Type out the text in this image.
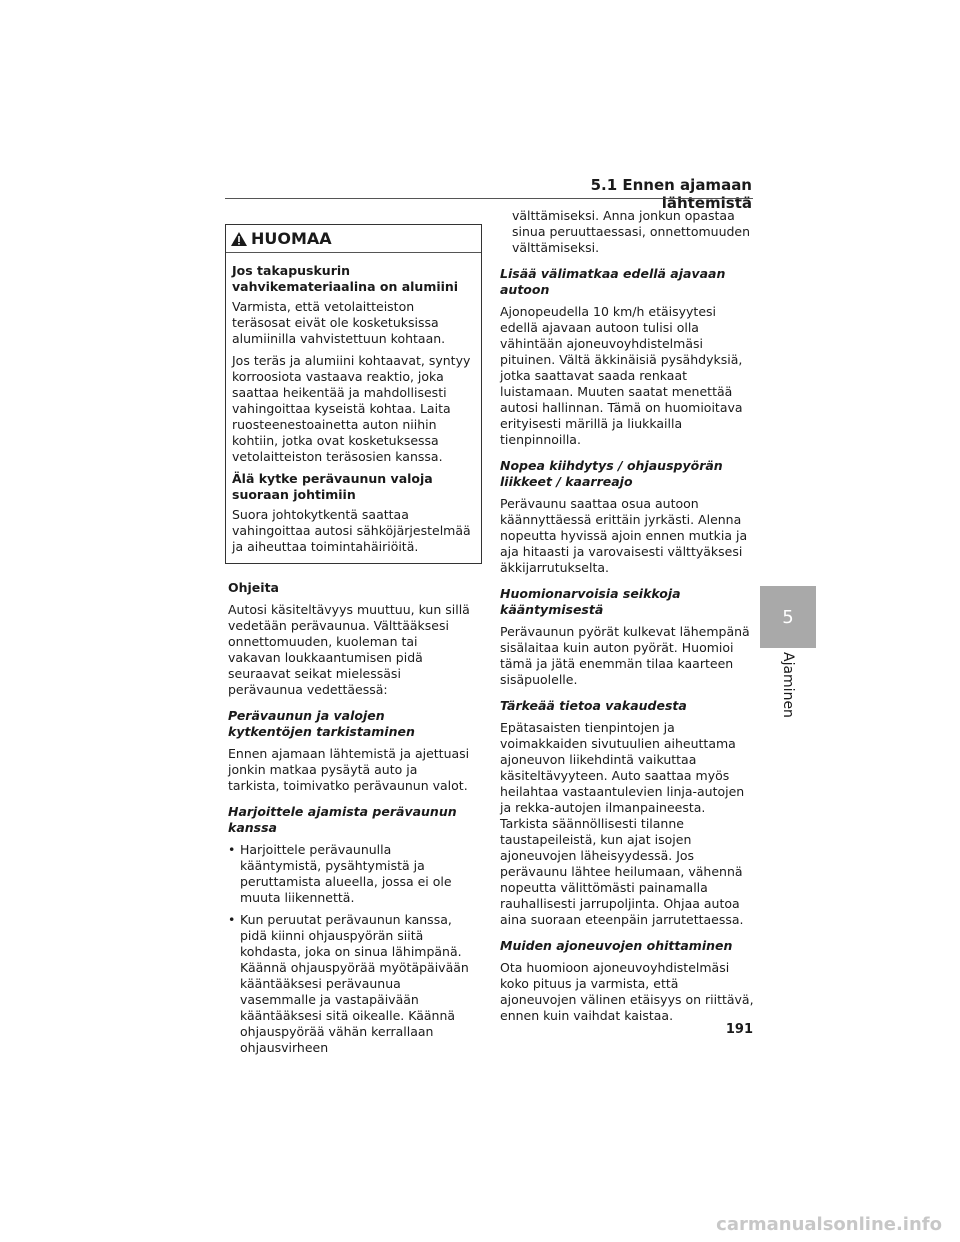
5.1 Ennen ajamaan lähtemistä
HUOMAA
Jos takapuskurin vahvikemateriaalina on alumiini

Varmista, että vetolaitteiston teräsosat eivät ole kosketuksissa alumiinilla vahvistettuun kohtaan.

Jos teräs ja alumiini kohtaavat, syntyy korroosiota vastaava reaktio, joka saattaa heikentää ja mahdollisesti vahingoittaa kyseistä kohtaa. Laita ruosteenestoainetta auton niihin kohtiin, jotka ovat kosketuksessa vetolaitteiston teräsosien kanssa.

Älä kytke perävaunun valoja suoraan johtimiin

Suora johtokytkentä saattaa vahingoittaa autosi sähköjärjestelmää ja aiheuttaa toimintahäiriöitä.

Ohjeita

Autosi käsiteltävyys muuttuu, kun sillä vedetään perävaunua. Välttääksesi onnettomuuden, kuoleman tai vakavan loukkaantumisen pidä seuraavat seikat mielessäsi perävaunua vedettäessä:

Perävaunun ja valojen kytkentöjen tarkistaminen

Ennen ajamaan lähtemistä ja ajettuasi jonkin matkaa pysäytä auto ja tarkista, toimivatko perävaunun valot.

Harjoittele ajamista perävaunun kanssa
• Harjoittele perävaunulla kääntymistä, pysähtymistä ja peruttamista alueella, jossa ei ole muuta liikennettä.
• Kun peruutat perävaunun kanssa, pidä kiinni ohjauspyörän siitä kohdasta, joka on sinua lähimpänä. Käännä ohjauspyörää myötäpäivään kääntääksesi perävaunua vasemmalle ja vastapäivään kääntääksesi sitä oikealle. Käännä ohjauspyörää vähän kerrallaan ohjausvirheen

välttämiseksi. Anna jonkun opastaa sinua peruuttaessasi, onnettomuuden välttämiseksi.

Lisää välimatkaa edellä ajavaan autoon

Ajonopeudella 10 km/h etäisyytesi edellä ajavaan autoon tulisi olla vähintään ajoneuvoyhdistelmäsi pituinen. Vältä äkkinäisiä pysähdyksiä, jotka saattavat saada renkaat luistamaan. Muuten saatat menettää autosi hallinnan. Tämä on huomioitava erityisesti märillä ja liukkailla tienpinnoilla.

Nopea kiihdytys / ohjauspyörän liikkeet / kaarreajo

Perävaunu saattaa osua autoon käännyttäessä erittäin jyrkästi. Alenna nopeutta hyvissä ajoin ennen mutkia ja aja hitaasti ja varovaisesti välttyäksesi äkkijarrutukselta.

Huomionarvoisia seikkoja kääntymisestä

Perävaunun pyörät kulkevat lähempänä sisälaitaa kuin auton pyörät. Huomioi tämä ja jätä enemmän tilaa kaarteen sisäpuolelle.

Tärkeää tietoa vakaudesta

Epätasaisten tienpintojen ja voimakkaiden sivutuulien aiheuttama ajoneuvon liikehdintä vaikuttaa käsiteltävyyteen. Auto saattaa myös heilahtaa vastaantulevien linja-autojen ja rekka-autojen ilmanpaineesta. Tarkista säännöllisesti tilanne taustapeileistä, kun ajat isojen ajoneuvojen läheisyydessä. Jos perävaunu lähtee heilumaan, vähennä nopeutta välittömästi painamalla rauhallisesti jarrupoljinta. Ohjaa autoa aina suoraan eteenpäin jarrutettaessa.

Muiden ajoneuvojen ohittaminen

Ota huomioon ajoneuvoyhdistelmäsi koko pituus ja varmista, että ajoneuvojen välinen etäisyys on riittävä, ennen kuin vaihdat kaistaa.

5
Ajaminen
191
carmanualsonline.info
